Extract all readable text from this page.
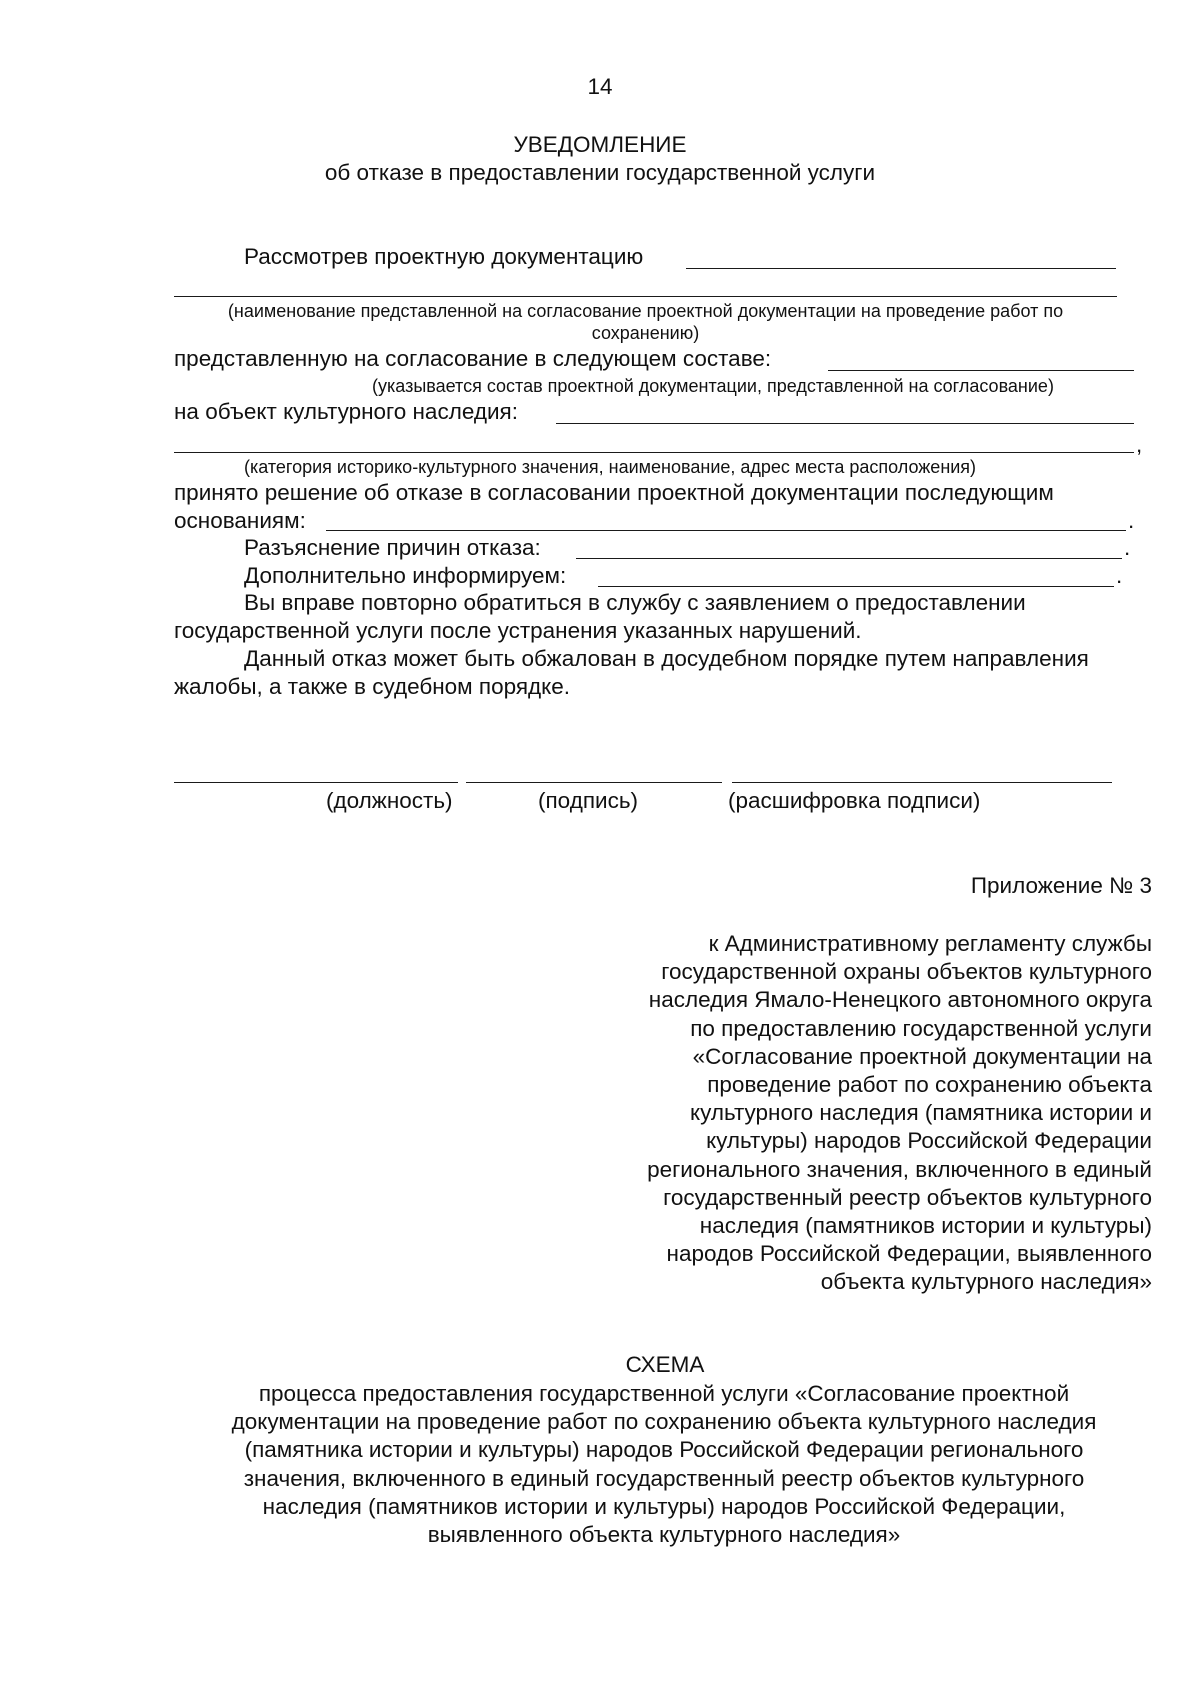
14
УВЕДОМЛЕНИЕ
об отказе в предоставлении государственной услуги
Рассмотрев проектную документацию
(наименование представленной на согласование проектной документации на проведение работ по
сохранению)
представленную на согласование в следующем составе:
(указывается состав проектной документации, представленной на согласование)
на объект культурного наследия:
,
(категория историко-культурного значения, наименование, адрес места расположения)
принято решение об отказе в согласовании проектной документации последующим
основаниям:	.
Разъяснение причин отказа:	.
Дополнительно информируем:	.
Вы вправе повторно обратиться в службу с заявлением о предоставлении
государственной услуги после устранения указанных нарушений.
Данный отказ может быть обжалован в досудебном порядке путем направления
жалобы, а также в судебном порядке.
(должность)	(подпись)	(расшифровка подписи)
Приложение № 3
к Административному регламенту службы
государственной охраны объектов культурного
наследия Ямало-Ненецкого автономного округа
по предоставлению государственной услуги
«Согласование проектной документации на
проведение работ по сохранению объекта
культурного наследия (памятника истории и
культуры) народов Российской Федерации
регионального значения, включенного в единый
государственный реестр объектов культурного
наследия (памятников истории и культуры)
народов Российской Федерации, выявленного
объекта культурного наследия»
СХЕМА
процесса предоставления государственной услуги «Согласование проектной
документации на проведение работ по сохранению объекта культурного наследия
(памятника истории и культуры) народов Российской Федерации регионального
значения, включенного в единый государственный реестр объектов культурного
наследия (памятников истории и культуры) народов Российской Федерации,
выявленного объекта культурного наследия»
